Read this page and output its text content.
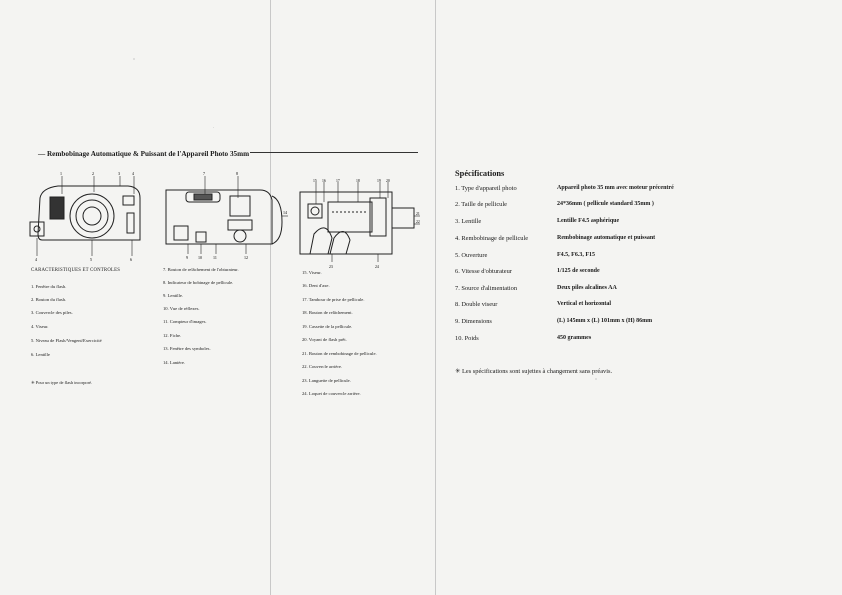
— Rembobinage Automatique & Puissant de l'Appareil Photo 35mm
1	2	3	4
4	5	6
7	8
9	10	11	12
14
15 16	17	18	19 20
21
22
23	24
CARACTERISTIQUES ET CONTROLES
1. Fenêtre du flash.
2. Bouton du flash.
3. Couvercle des piles.
4. Viseur.
5. Niveau de Flash/Vengent/Exercicité
6. Lentille
✳ Pour un type de flash incorporé.
7. Bouton de relâchement de l'obturateur.
8. Indicateur de bobinage de pellicule.
9. Lentille.
10. Vue de réflexes.
11. Compteur d'images.
12. Fiche.
13. Fenêtre des symboles.
14. Lanière.
15. Viseur.
16. Dent d'axe.
17. Tambour de prise de pellicule.
18. Bouton de relâchement.
19. Cassette de la pellicule.
20. Voyant de flash prêt.
21. Bouton de rembobinage de pellicule.
22. Couvercle arrière.
23. Languette de pellicule.
24. Loquet de couvercle arrière.
Spécifications
1. Type d'appareil photo	Appareil photo 35 mm avec moteur précentré
2. Taille de pellicule	24*36mm ( pellicule standard 35mm )
3. Lentille	Lentille F4.5 asphérique
4. Rembobinage de pellicule	Rembobinage automatique et puissant
5. Ouverture	F4.5, F6.3, F15
6. Vitesse d'obturateur	1/125 de seconde
7. Source d'alimentation	Deux piles alcalines AA
8. Double viseur	Vertical et horizontal
9. Dimensions	(L) 145mm x (L) 101mm x (H) 86mm
10. Poids	450 grammes
✳ Les spécifications sont sujettes à changement sans préavis.
